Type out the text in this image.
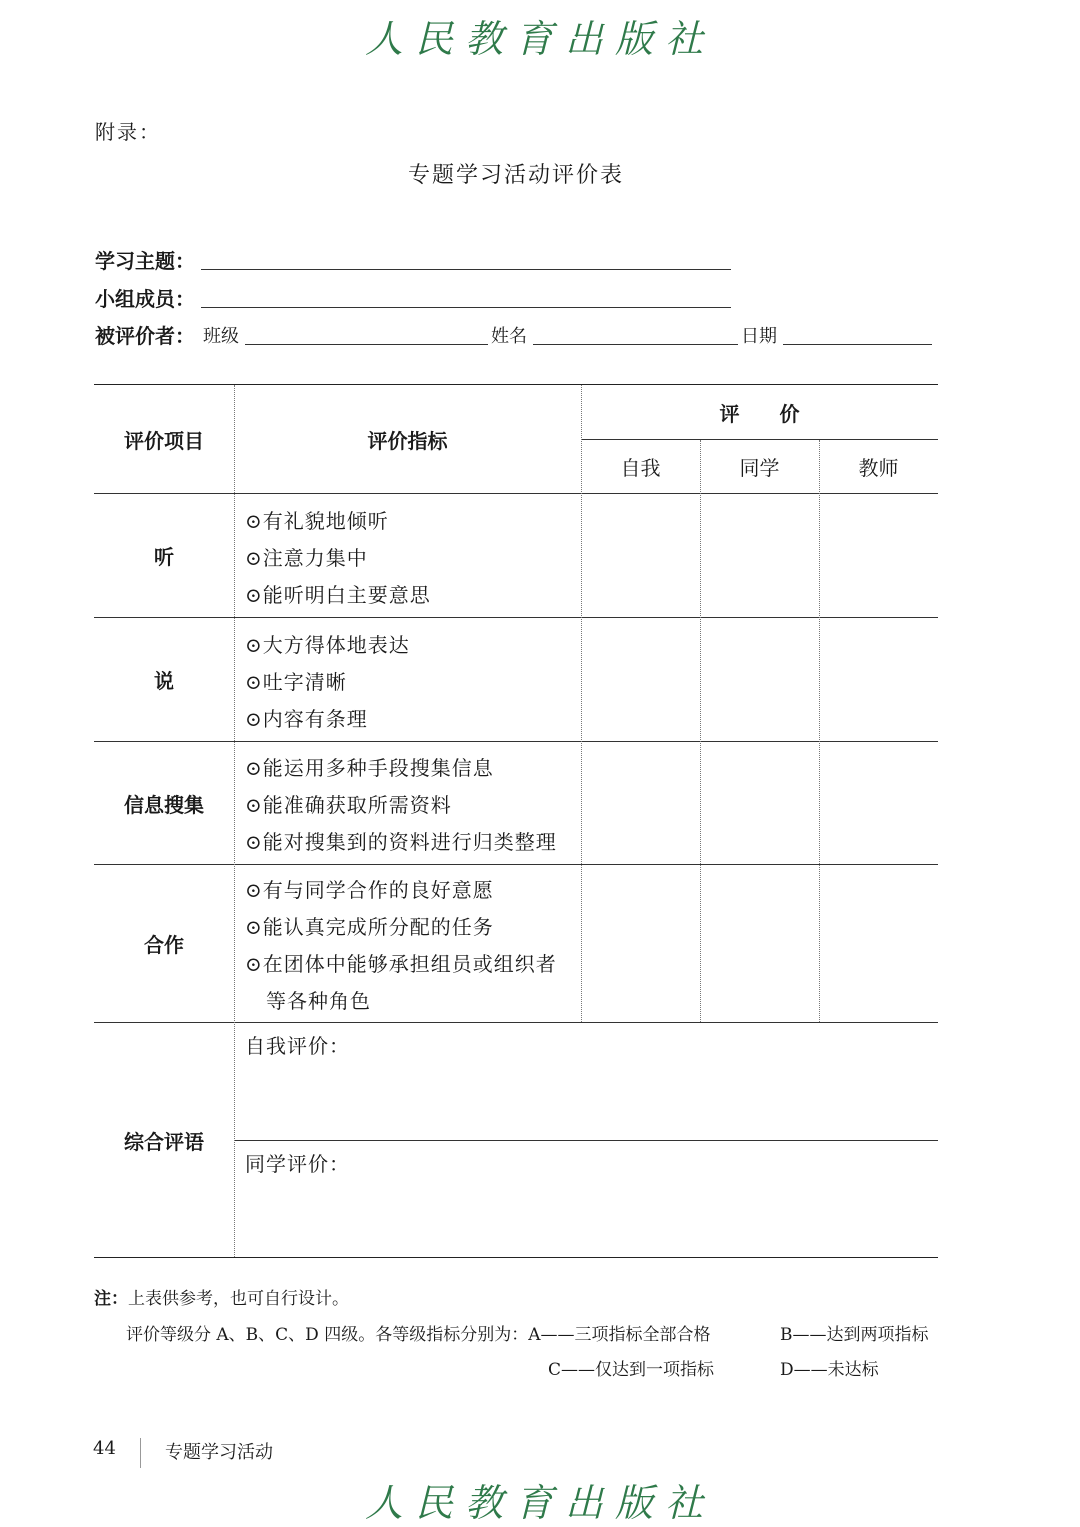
人民教育出版社
附录：
专题学习活动评价表
学习主题：
小组成员：
被评价者： 班级	姓名	日期
评价项目	评价指标
评　　价
自我	同学	教师
听
⊙有礼貌地倾听
⊙注意力集中
⊙能听明白主要意思
说
⊙大方得体地表达
⊙吐字清晰
⊙内容有条理
信息搜集
⊙能运用多种手段搜集信息
⊙能准确获取所需资料
⊙能对搜集到的资料进行归类整理
合作
⊙有与同学合作的良好意愿
⊙能认真完成所分配的任务
⊙在团体中能够承担组员或组织者
　等各种角色
综合评语
自我评价：
同学评价：
注：上表供参考，也可自行设计。
评价等级分 A、B、C、D 四级。各等级指标分别为：A——三项指标全部合格	B——达到两项指标
C——仅达到一项指标	D——未达标
44	专题学习活动
人民教育出版社
